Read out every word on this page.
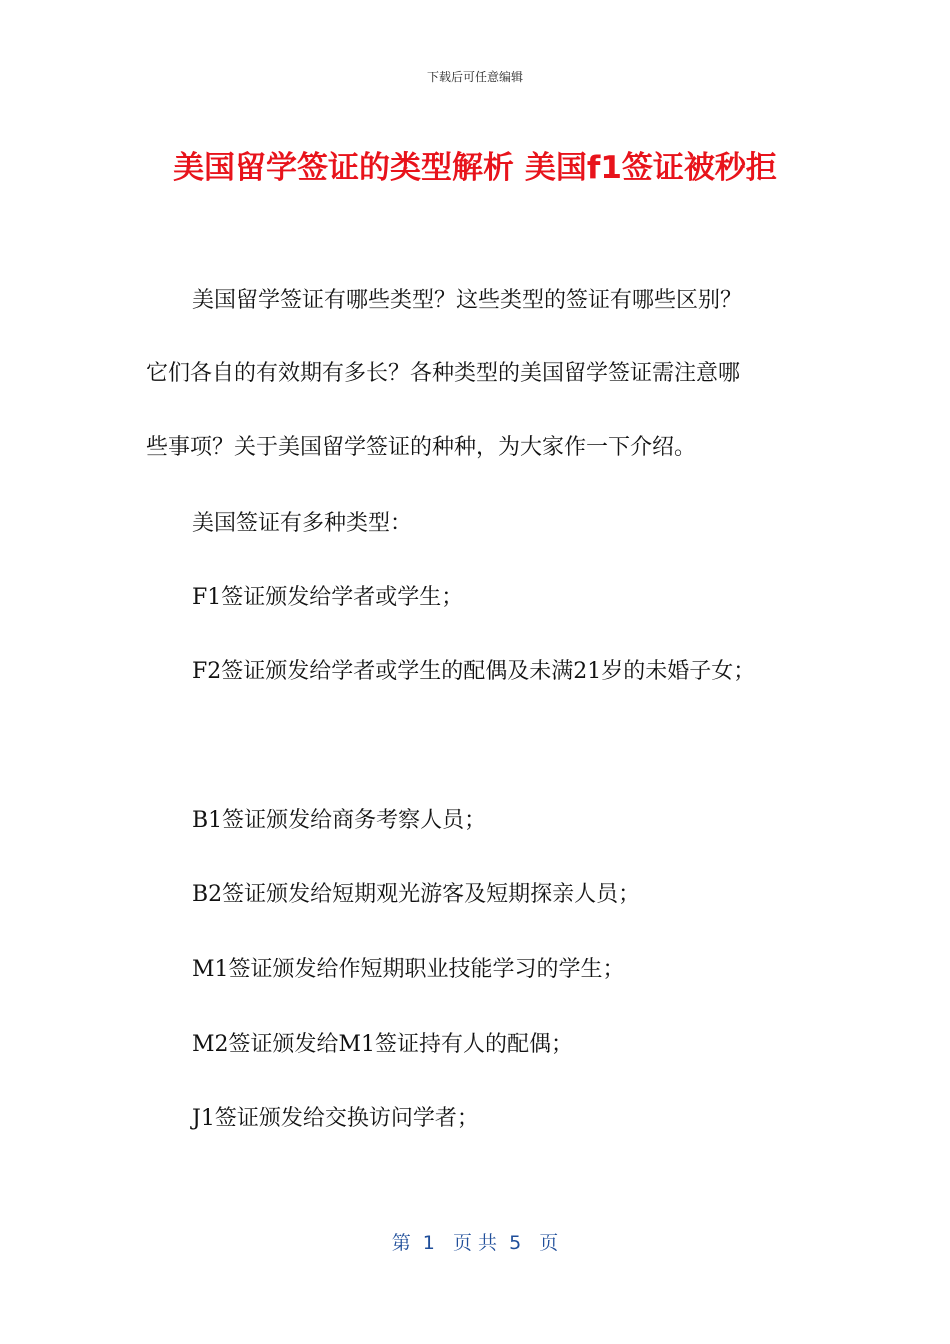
下载后可任意编辑
美国留学签证的类型解析 美国f1签证被秒拒
美国留学签证有哪些类型？这些类型的签证有哪些区别？
它们各自的有效期有多长？各种类型的美国留学签证需注意哪
些事项？关于美国留学签证的种种，为大家作一下介绍。
美国签证有多种类型：
F1签证颁发给学者或学生；
F2签证颁发给学者或学生的配偶及未满21岁的未婚子女；
B1签证颁发给商务考察人员；
B2签证颁发给短期观光游客及短期探亲人员；
M1签证颁发给作短期职业技能学习的学生；
M2签证颁发给M1签证持有人的配偶；
J1签证颁发给交换访问学者；
第  1   页 共  5   页
